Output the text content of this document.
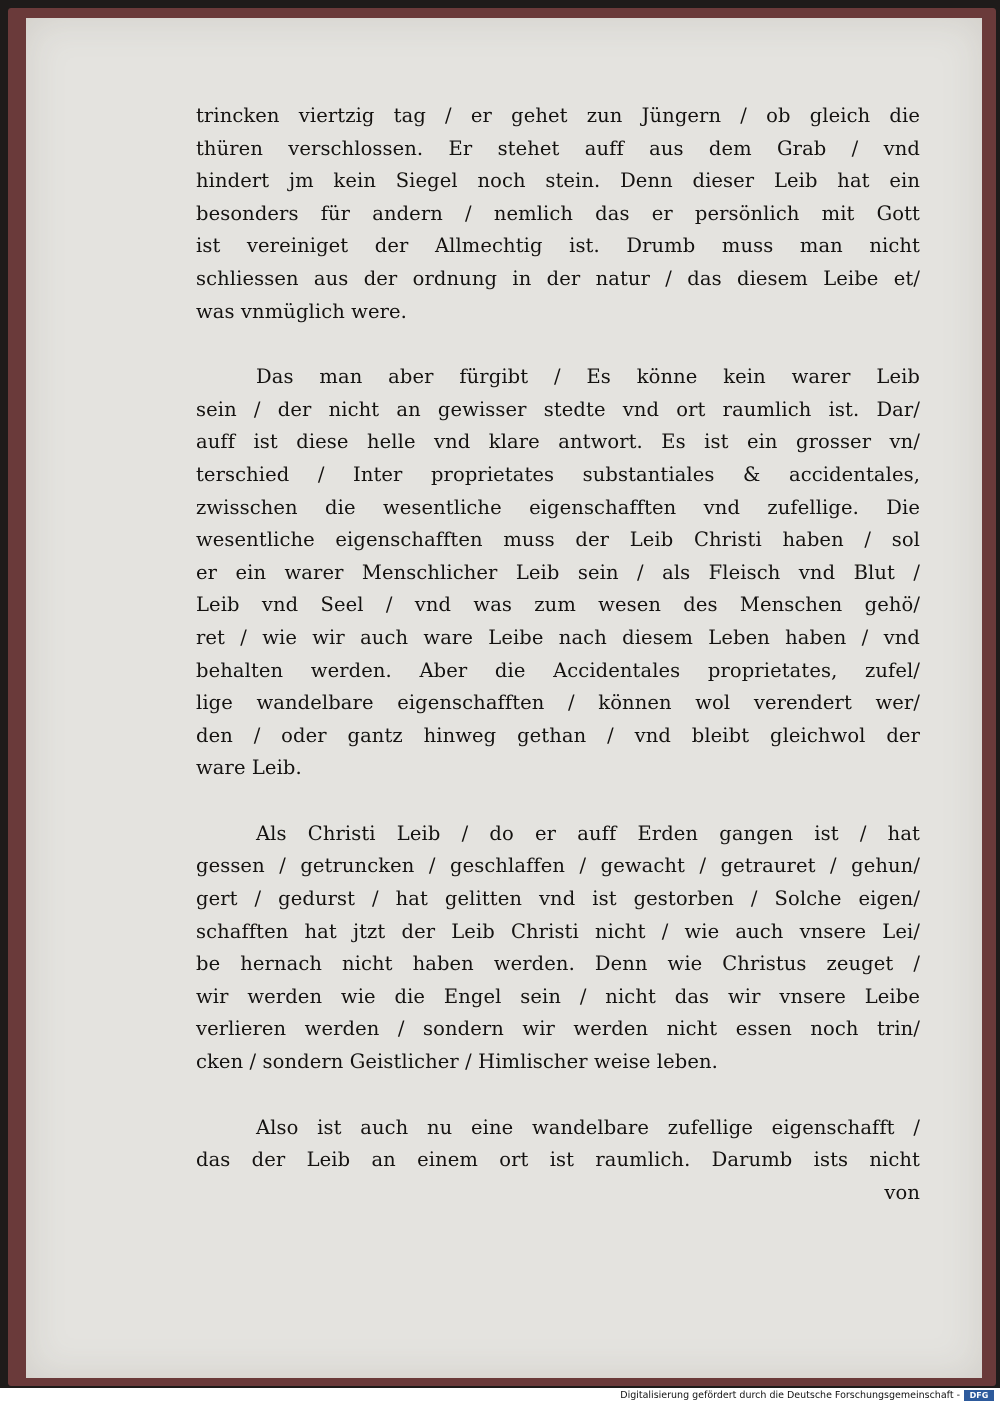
trincken viertzig tag / er gehet zun Jüngern / ob gleich die
thüren verschlossen. Er stehet auff aus dem Grab / vnd
hindert jm kein Siegel noch stein. Denn dieser Leib hat ein
besonders für andern / nemlich das er persönlich mit Gott
ist vereiniget der Allmechtig ist. Drumb muss man nicht
schliessen aus der ordnung in der natur / das diesem Leibe et/
was vnmüglich were.
Das man aber fürgibt / Es könne kein warer Leib
sein / der nicht an gewisser stedte vnd ort raumlich ist. Dar/
auff ist diese helle vnd klare antwort. Es ist ein grosser vn/
terschied / Inter proprietates substantiales & accidentales,
zwisschen die wesentliche eigenschafften vnd zufellige. Die
wesentliche eigenschafften muss der Leib Christi haben / sol
er ein warer Menschlicher Leib sein / als Fleisch vnd Blut /
Leib vnd Seel / vnd was zum wesen des Menschen gehö/
ret / wie wir auch ware Leibe nach diesem Leben haben / vnd
behalten werden. Aber die Accidentales proprietates, zufel/
lige wandelbare eigenschafften / können wol verendert wer/
den / oder gantz hinweg gethan / vnd bleibt gleichwol der
ware Leib.
Als Christi Leib / do er auff Erden gangen ist / hat
gessen / getruncken / geschlaffen / gewacht / getrauret / gehun/
gert / gedurst / hat gelitten vnd ist gestorben / Solche eigen/
schafften hat jtzt der Leib Christi nicht / wie auch vnsere Lei/
be hernach nicht haben werden. Denn wie Christus zeuget /
wir werden wie die Engel sein / nicht das wir vnsere Leibe
verlieren werden / sondern wir werden nicht essen noch trin/
cken / sondern Geistlicher / Himlischer weise leben.
Also ist auch nu eine wandelbare zufellige eigenschafft /
das der Leib an einem ort ist raumlich. Darumb ists nicht
von
Digitalisierung gefördert durch die Deutsche Forschungsgemeinschaft -	DFG
